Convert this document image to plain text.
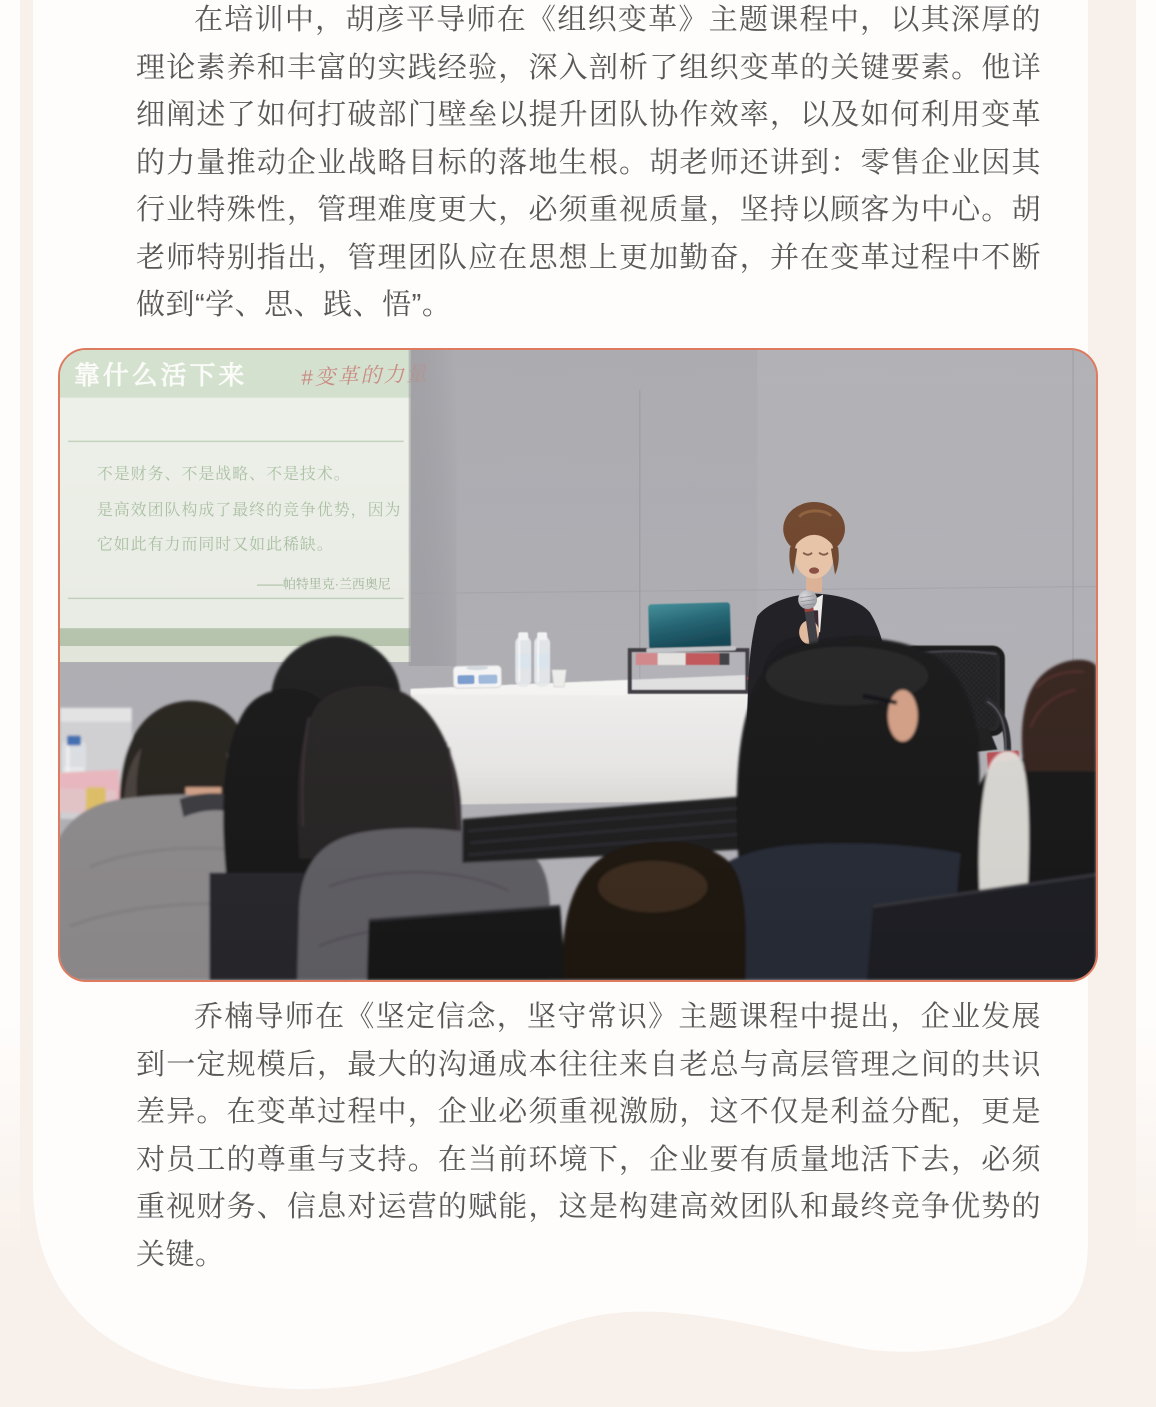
在培训中，胡彦平导师在《组织变革》主题课程中，以其深厚的理论素养和丰富的实践经验，深入剖析了组织变革的关键要素。他详细阐述了如何打破部门壁垒以提升团队协作效率，以及如何利用变革的力量推动企业战略目标的落地生根。胡老师还讲到：零售企业因其行业特殊性，管理难度更大，必须重视质量，坚持以顾客为中心。胡老师特别指出，管理团队应在思想上更加勤奋，并在变革过程中不断做到“学、思、践、悟”。

乔楠导师在《坚定信念，坚守常识》主题课程中提出，企业发展到一定规模后，最大的沟通成本往往来自老总与高层管理之间的共识差异。在变革过程中，企业必须重视激励，这不仅是利益分配，更是对员工的尊重与支持。在当前环境下，企业要有质量地活下去，必须重视财务、信息对运营的赋能，这是构建高效团队和最终竞争优势的关键。
